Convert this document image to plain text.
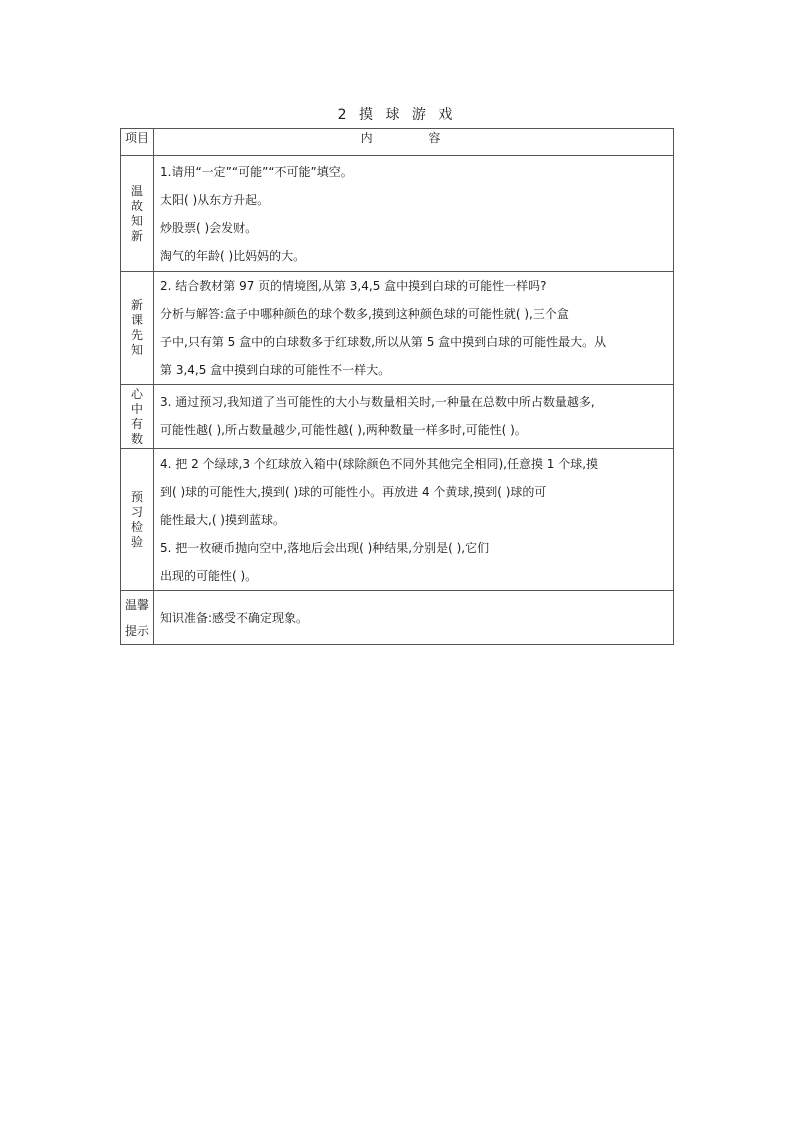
2 摸 球 游 戏
项目	内 容

温故知新	1.请用“一定”“可能”“不可能”填空。

太阳( )从东方升起。

炒股票( )会发财。

淘气的年龄( )比妈妈的大。

新课先知	2. 结合教材第 97 页的情境图,从第 3,4,5 盒中摸到白球的可能性一样吗?

分析与解答:盒子中哪种颜色的球个数多,摸到这种颜色球的可能性就( ),三个盒

子中,只有第 5 盒中的白球数多于红球数,所以从第 5 盒中摸到白球的可能性最大。从

第 3,4,5 盒中摸到白球的可能性不一样大。

心中有数	3. 通过预习,我知道了当可能性的大小与数量相关时,一种量在总数中所占数量越多,

可能性越( ),所占数量越少,可能性越( ),两种数量一样多时,可能性( )。

预习检验	4. 把 2 个绿球,3 个红球放入箱中(球除颜色不同外其他完全相同),任意摸 1 个球,摸

到( )球的可能性大,摸到( )球的可能性小。再放进 4 个黄球,摸到( )球的可

能性最大,( )摸到蓝球。

5. 把一枚硬币抛向空中,落地后会出现( )种结果,分别是( ),它们

出现的可能性( )。

温馨提示	知识准备:感受不确定现象。
